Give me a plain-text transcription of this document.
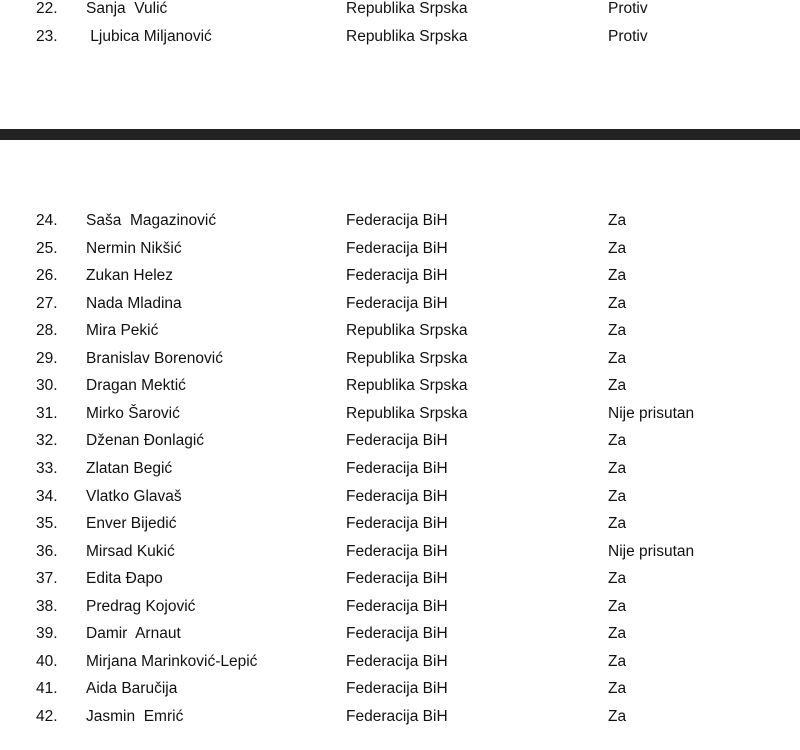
22. Sanja  Vulić	Republika Srpska	Protiv
23. Ljubica Miljanović	Republika Srpska	Protiv
24. Saša  Magazinović	Federacija BiH	Za
25. Nermin Nikšić	Federacija BiH	Za
26. Zukan Helez	Federacija BiH	Za
27. Nada Mladina	Federacija BiH	Za
28. Mira Pekić	Republika Srpska	Za
29. Branislav Borenović	Republika Srpska	Za
30. Dragan Mektić	Republika Srpska	Za
31. Mirko Šarović	Republika Srpska	Nije prisutan
32. Dženan Đonlagić	Federacija BiH	Za
33. Zlatan Begić	Federacija BiH	Za
34. Vlatko Glavaš	Federacija BiH	Za
35. Enver Bijedić	Federacija BiH	Za
36. Mirsad Kukić	Federacija BiH	Nije prisutan
37. Edita Đapo	Federacija BiH	Za
38. Predrag Kojović	Federacija BiH	Za
39. Damir  Arnaut	Federacija BiH	Za
40. Mirjana Marinković-Lepić	Federacija BiH	Za
41. Aida Baručija	Federacija BiH	Za
42. Jasmin  Emrić	Federacija BiH	Za
